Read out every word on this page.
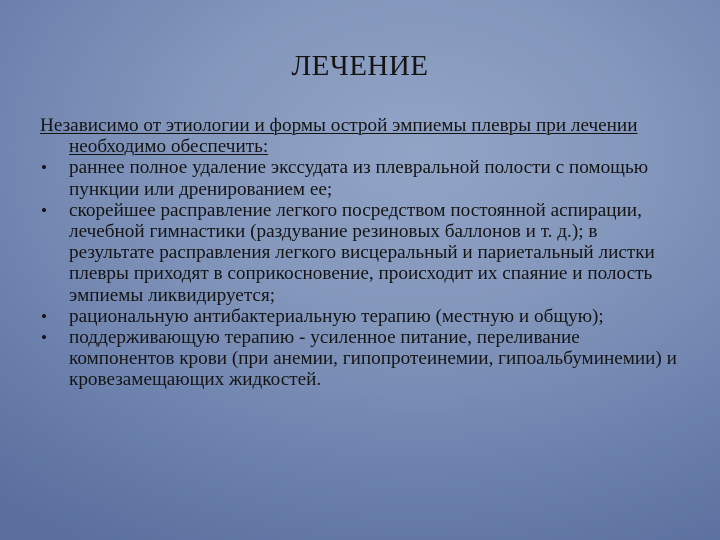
ЛЕЧЕНИЕ

Независимо от этиологии и формы острой эмпиемы плевры при лечении необходимо обеспечить:

• раннее полное удаление экссудата из плевральной полости с помощью пункции или дренированием ее;
• скорейшее расправление легкого посредством постоянной аспирации, лечебной гимнастики (раздувание резиновых баллонов и т. д.); в результате расправления легкого висцеральный и париетальный листки плевры приходят в соприкосновение, происходит их спаяние и полость эмпиемы ликвидируется;
• рациональную антибактериальную терапию (местную и общую);
• поддерживающую терапию - усиленное питание, переливание компонентов крови (при анемии, гипопротеинемии, гипоальбуминемии) и кровезамещающих жидкостей.
